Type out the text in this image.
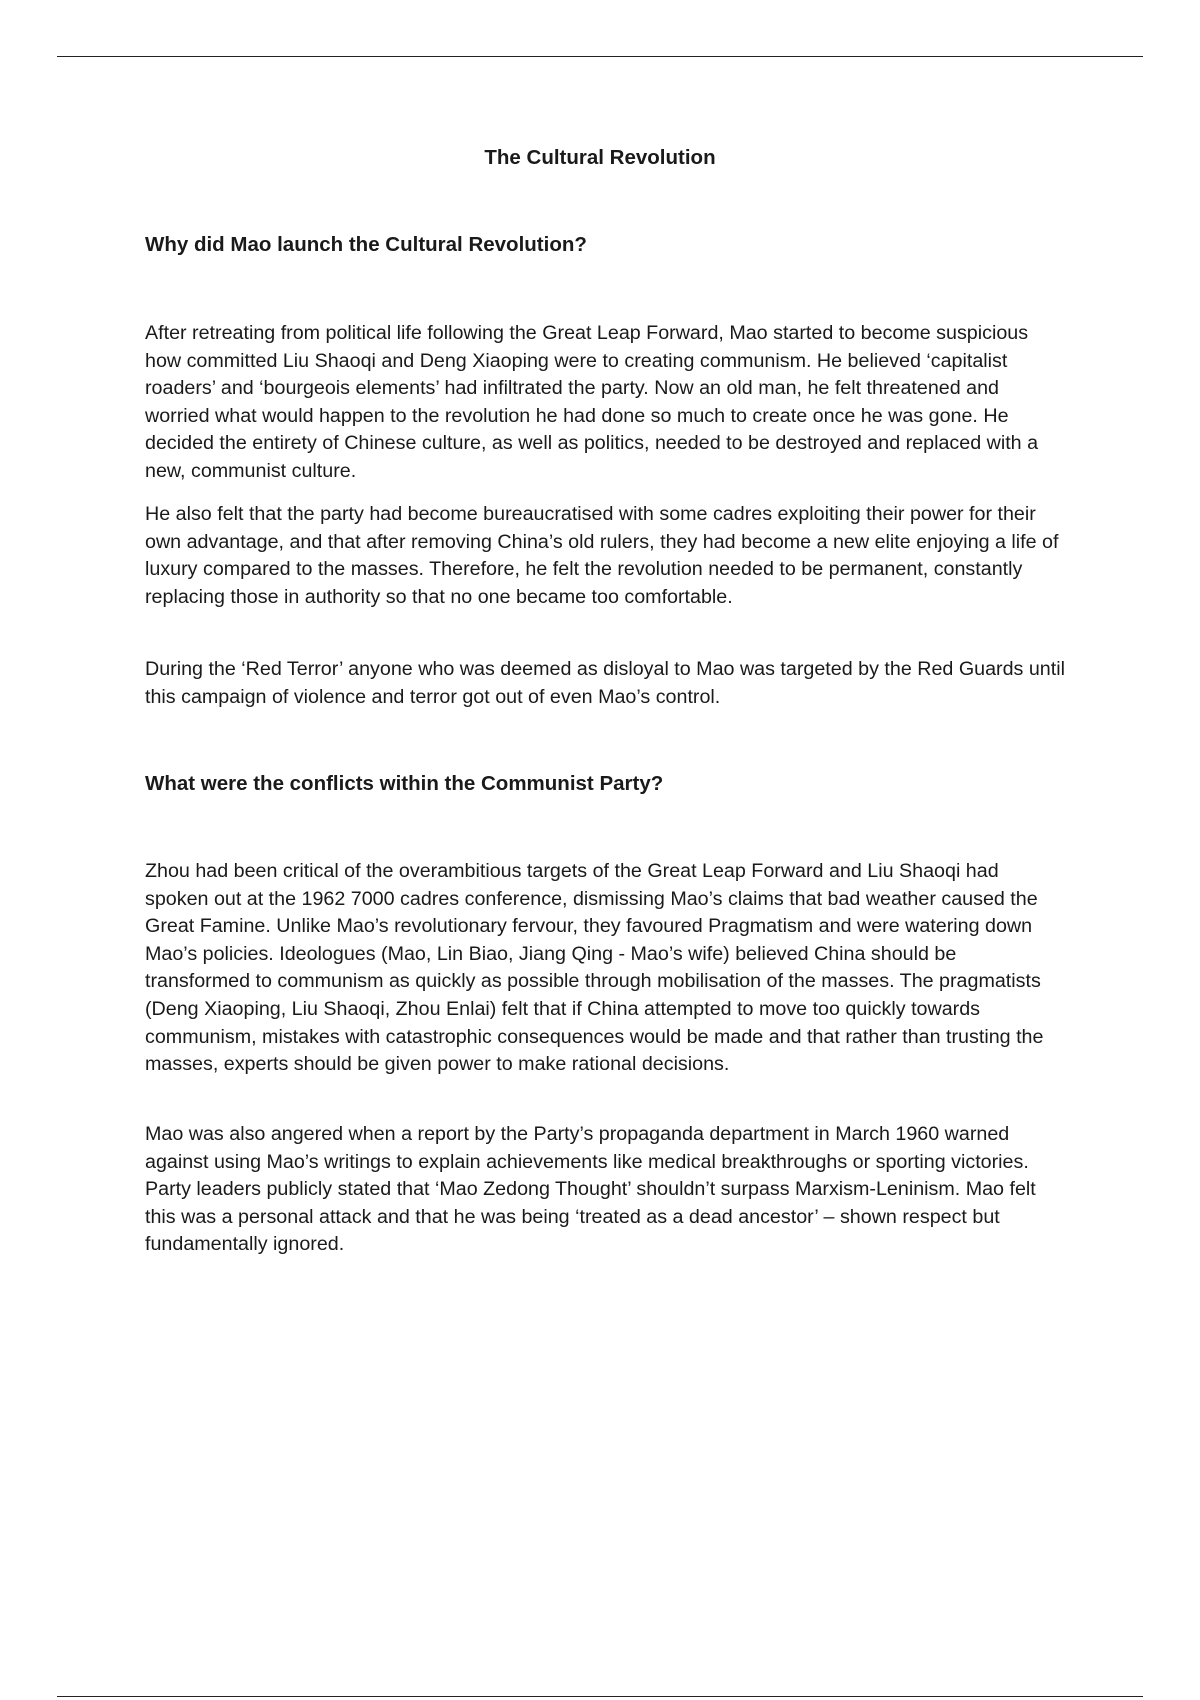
The Cultural Revolution
Why did Mao launch the Cultural Revolution?

After retreating from political life following the Great Leap Forward, Mao started to become suspicious how committed Liu Shaoqi and Deng Xiaoping were to creating communism. He believed ‘capitalist roaders’ and ‘bourgeois elements’ had infiltrated the party. Now an old man, he felt threatened and worried what would happen to the revolution he had done so much to create once he was gone. He decided the entirety of Chinese culture, as well as politics, needed to be destroyed and replaced with a new, communist culture.

He also felt that the party had become bureaucratised with some cadres exploiting their power for their own advantage, and that after removing China’s old rulers, they had become a new elite enjoying a life of luxury compared to the masses. Therefore, he felt the revolution needed to be permanent, constantly replacing those in authority so that no one became too comfortable.

During the ‘Red Terror’ anyone who was deemed as disloyal to Mao was targeted by the Red Guards until this campaign of violence and terror got out of even Mao’s control.

What were the conflicts within the Communist Party?

Zhou had been critical of the overambitious targets of the Great Leap Forward and Liu Shaoqi had spoken out at the 1962 7000 cadres conference, dismissing Mao’s claims that bad weather caused the Great Famine. Unlike Mao’s revolutionary fervour, they favoured Pragmatism and were watering down Mao’s policies. Ideologues (Mao, Lin Biao, Jiang Qing - Mao’s wife) believed China should be transformed to communism as quickly as possible through mobilisation of the masses. The pragmatists (Deng Xiaoping, Liu Shaoqi, Zhou Enlai) felt that if China attempted to move too quickly towards communism, mistakes with catastrophic consequences would be made and that rather than trusting the masses, experts should be given power to make rational decisions.

Mao was also angered when a report by the Party’s propaganda department in March 1960 warned against using Mao’s writings to explain achievements like medical breakthroughs or sporting victories. Party leaders publicly stated that ‘Mao Zedong Thought’ shouldn’t surpass Marxism-Leninism. Mao felt this was a personal attack and that he was being ‘treated as a dead ancestor’ – shown respect but fundamentally ignored.
